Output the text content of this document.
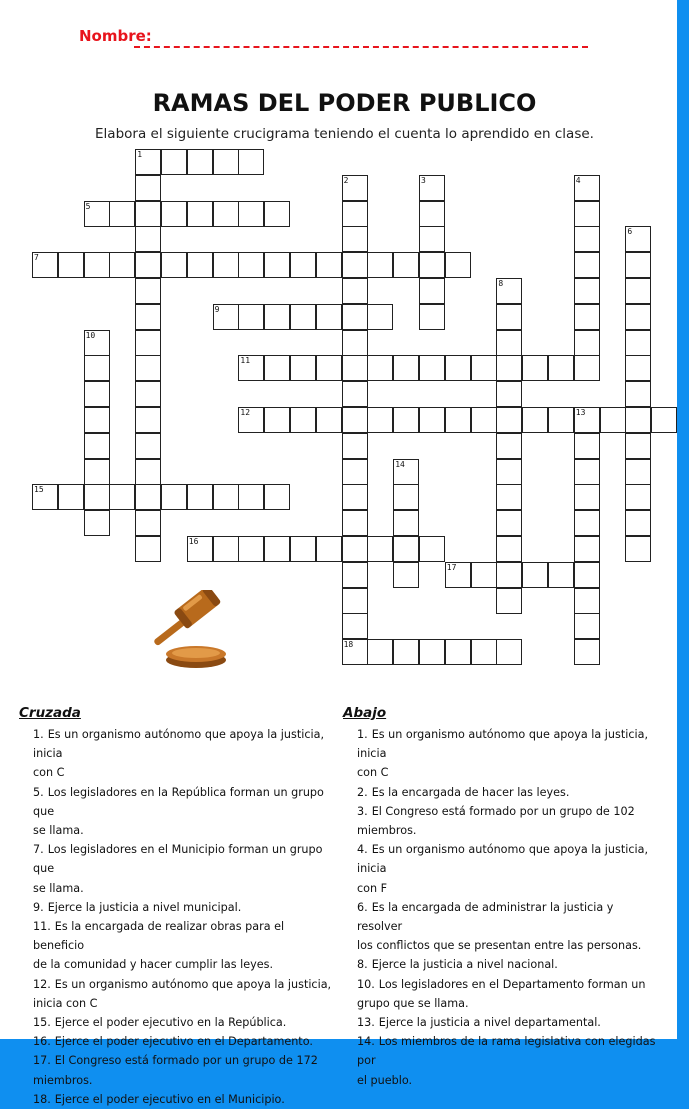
Nombre:
RAMAS DEL PODER PUBLICO
Elabora el siguiente crucigrama teniendo el cuenta lo aprendido en clase.
1
5
7
9
11
12
15
16
17
18
2	3	4
6
8
10
13
14
Cruzada	Abajo
1. Es un organismo autónomo que apoya la justicia, inicia
con C
5. Los legisladores en la República forman un grupo que
se llama.
7. Los legisladores en el Municipio forman un grupo que
se llama.
9. Ejerce la justicia a nivel municipal.
11. Es la encargada de realizar obras para el beneficio
de la comunidad y hacer cumplir las leyes.
12. Es un organismo autónomo que apoya la justicia,
inicia con C
15. Ejerce el poder ejecutivo en la República.
16. Ejerce el poder ejecutivo en el Departamento.
17. El Congreso está formado por un grupo de 172
miembros.
18. Ejerce el poder ejecutivo en el Municipio.
1. Es un organismo autónomo que apoya la justicia, inicia
con C
2. Es la encargada de hacer las leyes.
3. El Congreso está formado por un grupo de 102
miembros.
4. Es un organismo autónomo que apoya la justicia, inicia
con F
6. Es la encargada de administrar la justicia y resolver
los conflictos que se presentan entre las personas.
8. Ejerce la justicia a nivel nacional.
10. Los legisladores en el Departamento forman un
grupo que se llama.
13. Ejerce la justicia a nivel departamental.
14. Los miembros de la rama legislativa con elegidas por
el pueblo.
